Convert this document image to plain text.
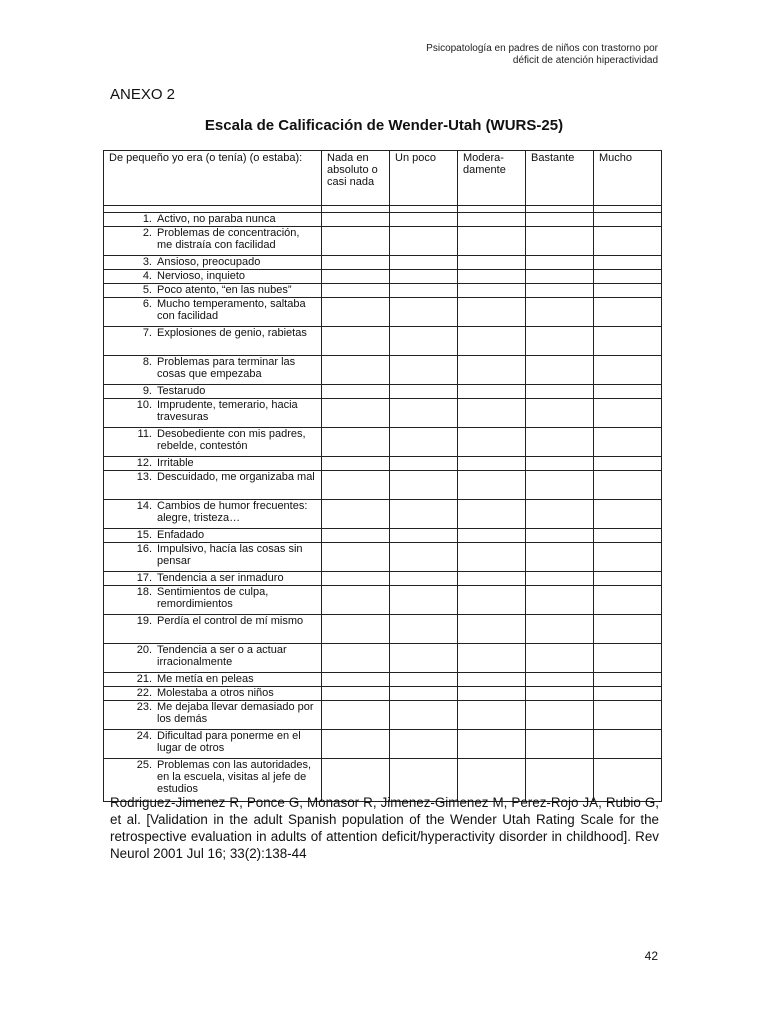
Psicopatología en padres de niños con trastorno por
déficit de atención hiperactividad
ANEXO 2
Escala de Calificación de Wender-Utah (WURS-25)
De pequeño yo era (o tenía) (o estaba):	Nada en absoluto o casi nada	Un poco	Modera-damente	Bastante	Mucho

1. Activo, no paraba nunca					

2. Problemas de concentración, me distraía con facilidad					

3. Ansioso, preocupado					

4. Nervioso, inquieto					

5. Poco atento, “en las nubes”					

6. Mucho temperamento, saltaba con facilidad					

7. Explosiones de genio, rabietas					

8. Problemas para terminar las cosas que empezaba					

9. Testarudo					

10. Imprudente, temerario, hacia travesuras					

11. Desobediente con mis padres, rebelde, contestón					

12. Irritable					

13. Descuidado, me organizaba mal					

14. Cambios de humor frecuentes: alegre, tristeza…					

15. Enfadado					

16. Impulsivo, hacía las cosas sin pensar					

17. Tendencia a ser inmaduro					

18. Sentimientos de culpa, remordimientos					

19. Perdía el control de mí mismo					

20. Tendencia a ser o a actuar irracionalmente					

21. Me metía en peleas					

22. Molestaba a otros niños					

23. Me dejaba llevar demasiado por los demás					

24. Dificultad para ponerme en el lugar de otros					

25. Problemas con las autoridades, en la escuela, visitas al jefe de estudios					

Rodriguez-Jimenez R, Ponce G, Monasor R, Jimenez-Gimenez M, Perez-Rojo JA, Rubio G, et al. [Validation in the adult Spanish population of the Wender Utah Rating Scale for the retrospective evaluation in adults of attention deficit/hyperactivity disorder in childhood]. Rev Neurol 2001 Jul 16; 33(2):138-44
42
